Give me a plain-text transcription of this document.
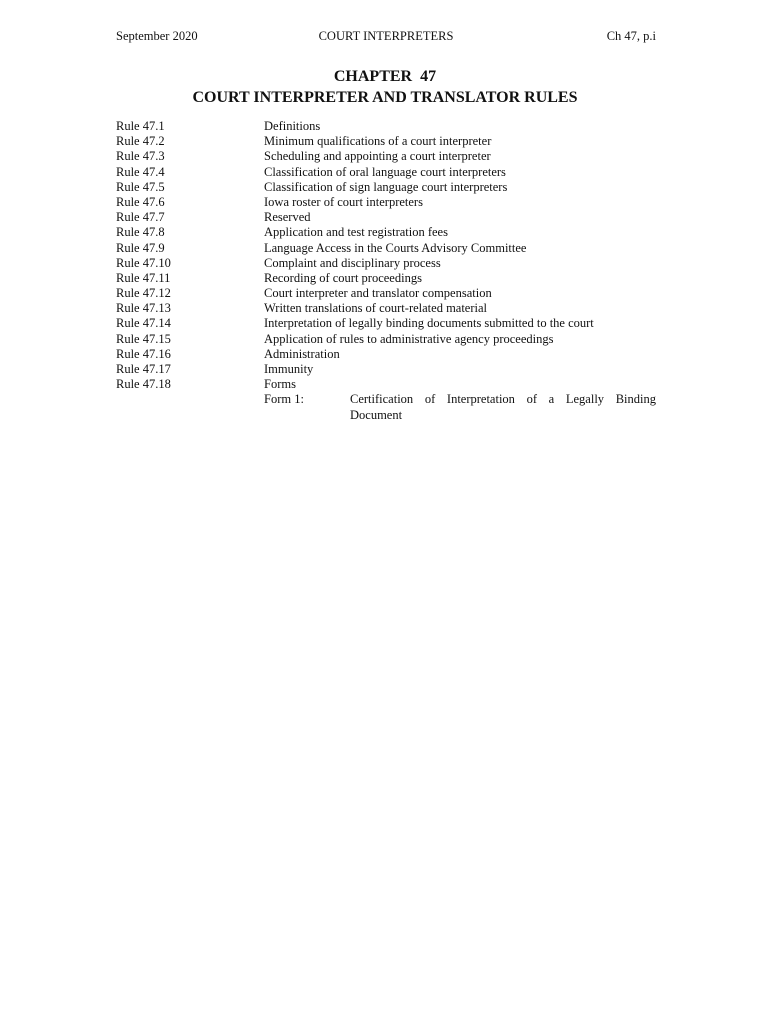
September 2020	COURT INTERPRETERS	Ch 47, p.i
CHAPTER  47
COURT INTERPRETER AND TRANSLATOR RULES
Rule 47.1	Definitions
Rule 47.2	Minimum qualifications of a court interpreter
Rule 47.3	Scheduling and appointing a court interpreter
Rule 47.4	Classification of oral language court interpreters
Rule 47.5	Classification of sign language court interpreters
Rule 47.6	Iowa roster of court interpreters
Rule 47.7	Reserved
Rule 47.8	Application and test registration fees
Rule 47.9	Language Access in the Courts Advisory Committee
Rule 47.10	Complaint and disciplinary process
Rule 47.11	Recording of court proceedings
Rule 47.12	Court interpreter and translator compensation
Rule 47.13	Written translations of court-related material
Rule 47.14	Interpretation of legally binding documents submitted to the court
Rule 47.15	Application of rules to administrative agency proceedings
Rule 47.16	Administration
Rule 47.17	Immunity
Rule 47.18	Forms
Form 1:	Certification of Interpretation of a Legally Binding Document
